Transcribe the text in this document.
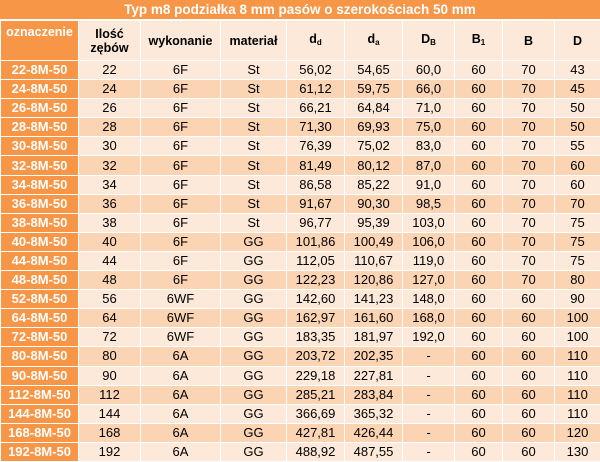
Typ m8 podziałka 8 mm pasów o szerokościach 50 mm
oznaczenie	Ilość zębów	wykonanie	materiał	$d_d$	$d_a$	$D_B$	$B_1$	B	D
22-8M-50	22	6F	St	56,02	54,65	60,0	60	70	43
24-8M-50	24	6F	St	61,12	59,75	66,0	60	70	45
26-8M-50	26	6F	St	66,21	64,84	71,0	60	70	50
28-8M-50	28	6F	St	71,30	69,93	75,0	60	70	50
30-8M-50	30	6F	St	76,39	75,02	83,0	60	70	55
32-8M-50	32	6F	St	81,49	80,12	87,0	60	70	60
34-8M-50	34	6F	St	86,58	85,22	91,0	60	70	60
36-8M-50	36	6F	St	91,67	90,30	98,5	60	70	70
38-8M-50	38	6F	St	96,77	95,39	103,0	60	70	75
40-8M-50	40	6F	GG	101,86	100,49	106,0	60	70	75
44-8M-50	44	6F	GG	112,05	110,67	119,0	60	70	75
48-8M-50	48	6F	GG	122,23	120,86	127,0	60	70	80
52-8M-50	56	6WF	GG	142,60	141,23	148,0	60	60	90
64-8M-50	64	6WF	GG	162,97	161,60	168,0	60	60	100
72-8M-50	72	6WF	GG	183,35	181,97	192,0	60	60	100
80-8M-50	80	6A	GG	203,72	202,35	-	60	60	110
90-8M-50	90	6A	GG	229,18	227,81	-	60	60	110
112-8M-50	112	6A	GG	285,21	283,84	-	60	60	110
144-8M-50	144	6A	GG	366,69	365,32	-	60	60	110
168-8M-50	168	6A	GG	427,81	426,44	-	60	60	120
192-8M-50	192	6A	GG	488,92	487,55	-	60	60	130
